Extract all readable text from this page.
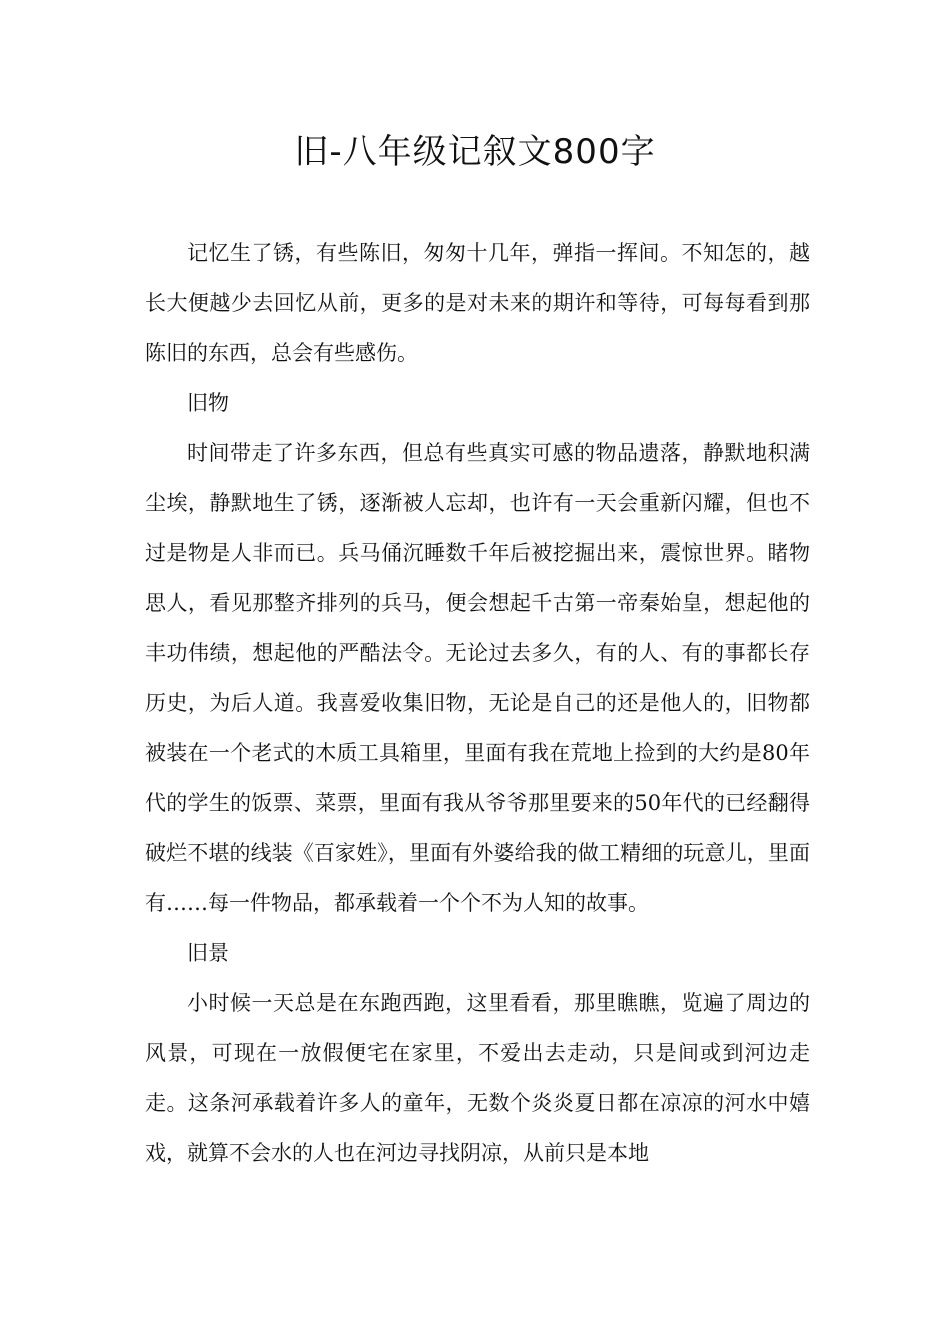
旧-八年级记叙文800字

记忆生了锈，有些陈旧，匆匆十几年，弹指一挥间。不知怎的，越长大便越少去回忆从前，更多的是对未来的期许和等待，可每每看到那陈旧的东西，总会有些感伤。

旧物

时间带走了许多东西，但总有些真实可感的物品遗落，静默地积满尘埃，静默地生了锈，逐渐被人忘却，也许有一天会重新闪耀，但也不过是物是人非而已。兵马俑沉睡数千年后被挖掘出来，震惊世界。睹物思人，看见那整齐排列的兵马，便会想起千古第一帝秦始皇，想起他的丰功伟绩，想起他的严酷法令。无论过去多久，有的人、有的事都长存历史，为后人道。我喜爱收集旧物，无论是自己的还是他人的，旧物都被装在一个老式的木质工具箱里，里面有我在荒地上捡到的大约是80年代的学生的饭票、菜票，里面有我从爷爷那里要来的50年代的已经翻得破烂不堪的线装《百家姓》，里面有外婆给我的做工精细的玩意儿，里面有……每一件物品，都承载着一个个不为人知的故事。

旧景

小时候一天总是在东跑西跑，这里看看，那里瞧瞧，览遍了周边的风景，可现在一放假便宅在家里，不爱出去走动，只是间或到河边走走。这条河承载着许多人的童年，无数个炎炎夏日都在凉凉的河水中嬉戏，就算不会水的人也在河边寻找阴凉，从前只是本地
